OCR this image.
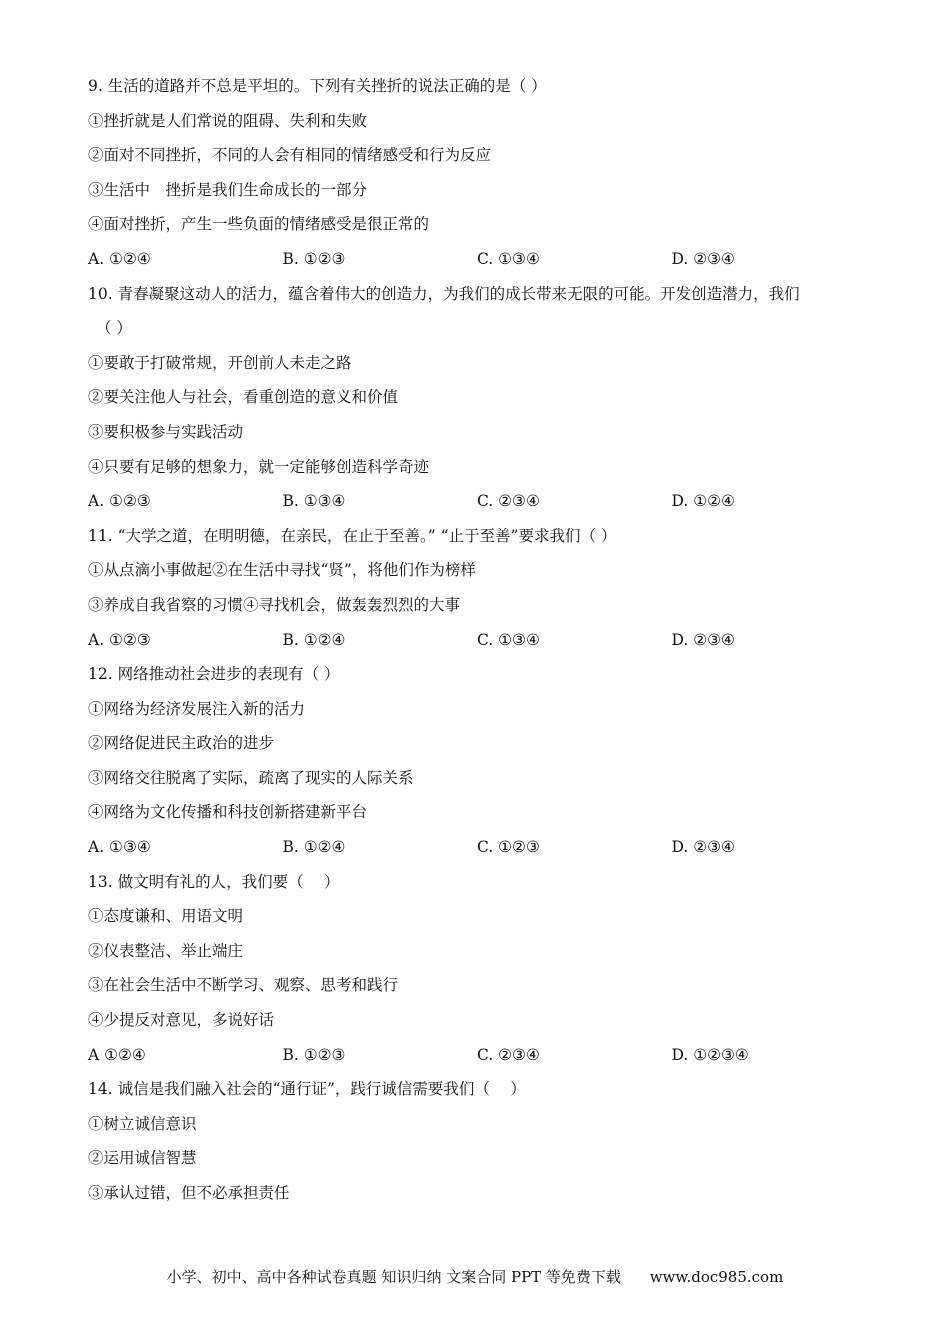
9. 生活的道路并不总是平坦的。下列有关挫折的说法正确的是（ ）
①挫折就是人们常说的阻碍、失利和失败
②面对不同挫折，不同的人会有相同的情绪感受和行为反应
③生活中　挫折是我们生命成长的一部分
④面对挫折，产生一些负面的情绪感受是很正常的
A. ①②④	B. ①②③	C. ①③④	D. ②③④
10. 青春凝聚这动人的活力，蕴含着伟大的创造力，为我们的成长带来无限的可能。开发创造潜力，我们
（ ）
①要敢于打破常规，开创前人未走之路
②要关注他人与社会，看重创造的意义和价值
③要积极参与实践活动
④只要有足够的想象力，就一定能够创造科学奇迹
A. ①②③	B. ①③④	C. ②③④	D. ①②④
11. “大学之道，在明明德，在亲民，在止于至善。” “止于至善”要求我们（ ）
①从点滴小事做起②在生活中寻找“贤”，将他们作为榜样
③养成自我省察的习惯④寻找机会，做轰轰烈烈的大事
A. ①②③	B. ①②④	C. ①③④	D. ②③④
12. 网络推动社会进步的表现有（ ）
①网络为经济发展注入新的活力
②网络促进民主政治的进步
③网络交往脱离了实际，疏离了现实的人际关系
④网络为文化传播和科技创新搭建新平台
A. ①③④	B. ①②④	C. ①②③	D. ②③④
13. 做文明有礼的人，我们要（　 ）
①态度谦和、用语文明
②仪表整洁、举止端庄
③在社会生活中不断学习、观察、思考和践行
④少提反对意见，多说好话
A ①②④	B. ①②③	C. ②③④	D. ①②③④
14. 诚信是我们融入社会的“通行证”，践行诚信需要我们（　 ）
①树立诚信意识
②运用诚信智慧
③承认过错，但不必承担责任
小学、初中、高中各种试卷真题 知识归纳 文案合同 PPT 等免费下载 www.doc985.com
